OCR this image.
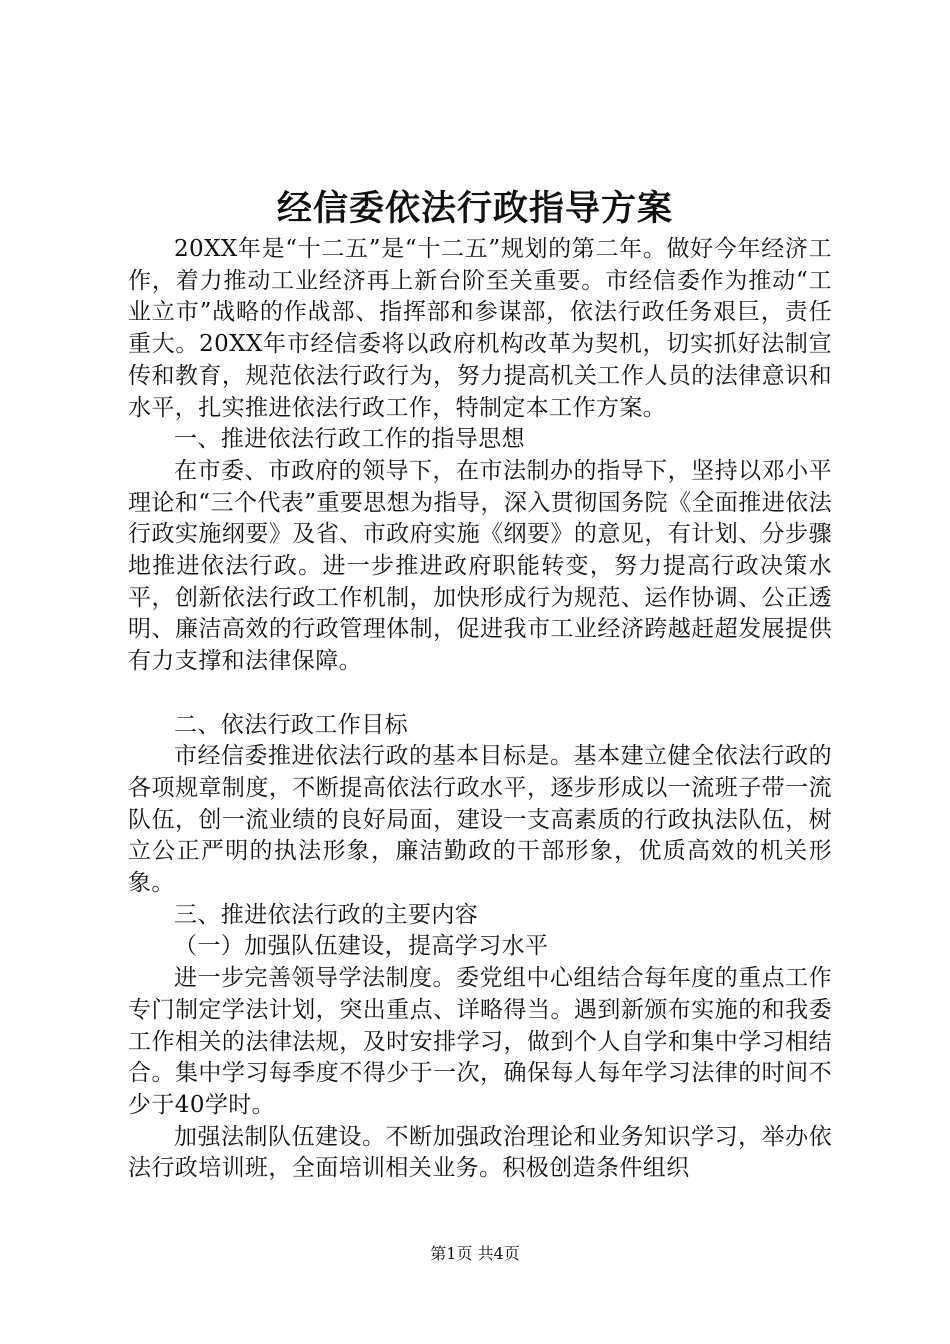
经信委依法行政指导方案

20XX年是“十二五”是“十二五”规划的第二年。做好今年经济工作，着力推动工业经济再上新台阶至关重要。市经信委作为推动“工业立市”战略的作战部、指挥部和参谋部，依法行政任务艰巨，责任重大。20XX年市经信委将以政府机构改革为契机，切实抓好法制宣传和教育，规范依法行政行为，努力提高机关工作人员的法律意识和水平，扎实推进依法行政工作，特制定本工作方案。

一、推进依法行政工作的指导思想

在市委、市政府的领导下，在市法制办的指导下，坚持以邓小平理论和“三个代表”重要思想为指导，深入贯彻国务院《全面推进依法行政实施纲要》及省、市政府实施《纲要》的意见，有计划、分步骤地推进依法行政。进一步推进政府职能转变，努力提高行政决策水平，创新依法行政工作机制，加快形成行为规范、运作协调、公正透明、廉洁高效的行政管理体制，促进我市工业经济跨越赶超发展提供有力支撑和法律保障。

二、依法行政工作目标

市经信委推进依法行政的基本目标是。基本建立健全依法行政的各项规章制度，不断提高依法行政水平，逐步形成以一流班子带一流队伍，创一流业绩的良好局面，建设一支高素质的行政执法队伍，树立公正严明的执法形象，廉洁勤政的干部形象，优质高效的机关形象。

三、推进依法行政的主要内容

（一）加强队伍建设，提高学习水平

进一步完善领导学法制度。委党组中心组结合每年度的重点工作专门制定学法计划，突出重点、详略得当。遇到新颁布实施的和我委工作相关的法律法规，及时安排学习，做到个人自学和集中学习相结合。集中学习每季度不得少于一次，确保每人每年学习法律的时间不少于40学时。

加强法制队伍建设。不断加强政治理论和业务知识学习，举办依法行政培训班，全面培训相关业务。积极创造条件组织

第1页 共4页
